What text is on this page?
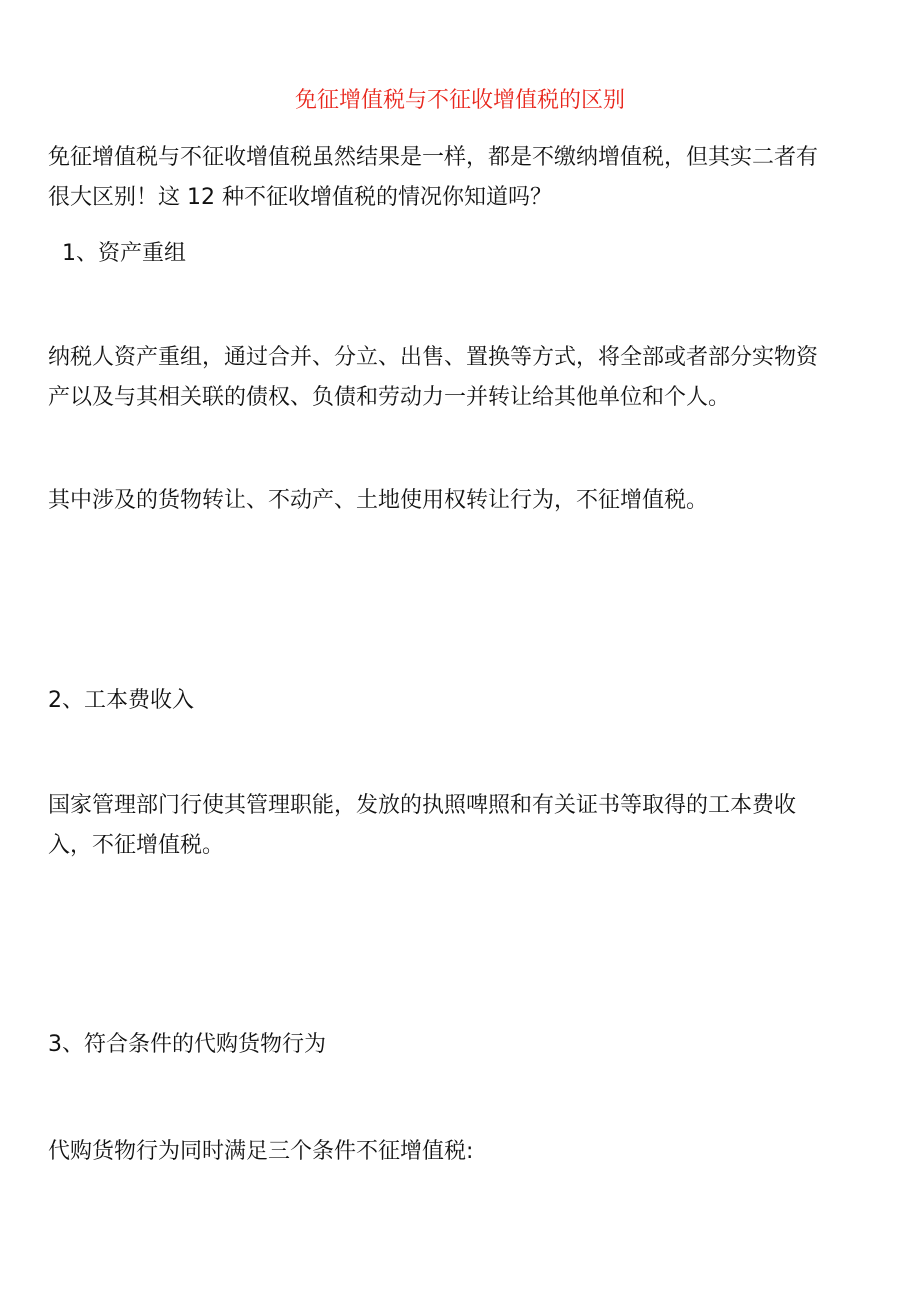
免征增值税与不征收增值税的区别
免征增值税与不征收增值税虽然结果是一样，都是不缴纳增值税，但其实二者有
很大区别！这 12 种不征收增值税的情况你知道吗？
1、资产重组
纳税人资产重组，通过合并、分立、出售、置换等方式，将全部或者部分实物资
产以及与其相关联的债权、负债和劳动力一并转让给其他单位和个人。
其中涉及的货物转让、不动产、土地使用权转让行为，不征增值税。
2、工本费收入
国家管理部门行使其管理职能，发放的执照啤照和有关证书等取得的工本费收
入，不征增值税。
3、符合条件的代购货物行为
代购货物行为同时满足三个条件不征增值税:
